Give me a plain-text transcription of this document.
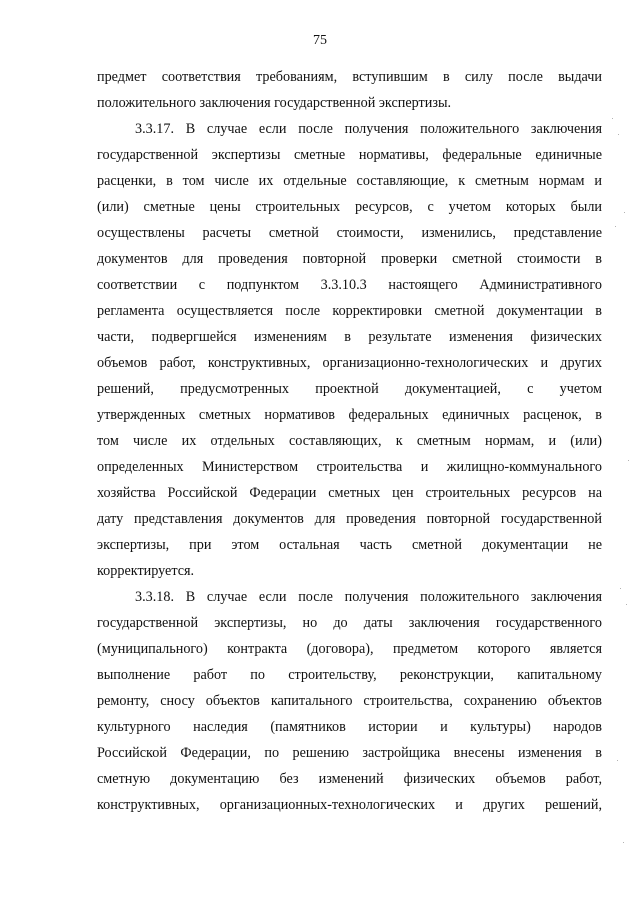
75
предмет соответствия требованиям, вступившим в силу после выдачи
положительного заключения государственной экспертизы.
3.3.17. В случае если после получения положительного заключения
государственной экспертизы сметные нормативы, федеральные единичные
расценки, в том числе их отдельные составляющие, к сметным нормам и
(или) сметные цены строительных ресурсов, с учетом которых были
осуществлены расчеты сметной стоимости, изменились, представление
документов для проведения повторной проверки сметной стоимости в
соответствии с подпунктом 3.3.10.3 настоящего Административного
регламента осуществляется после корректировки сметной документации в
части, подвергшейся изменениям в результате изменения физических
объемов работ, конструктивных, организационно-технологических и других
решений, предусмотренных проектной документацией, с учетом
утвержденных сметных нормативов федеральных единичных расценок, в
том числе их отдельных составляющих, к сметным нормам, и (или)
определенных Министерством строительства и жилищно-коммунального
хозяйства Российской Федерации сметных цен строительных ресурсов на
дату представления документов для проведения повторной государственной
экспертизы, при этом остальная часть сметной документации не
корректируется.
3.3.18. В случае если после получения положительного заключения
государственной экспертизы, но до даты заключения государственного
(муниципального) контракта (договора), предметом которого является
выполнение работ по строительству, реконструкции, капитальному
ремонту, сносу объектов капитального строительства, сохранению объектов
культурного наследия (памятников истории и культуры) народов
Российской Федерации, по решению застройщика внесены изменения в
сметную документацию без изменений физических объемов работ,
конструктивных, организационных-технологических и других решений,
